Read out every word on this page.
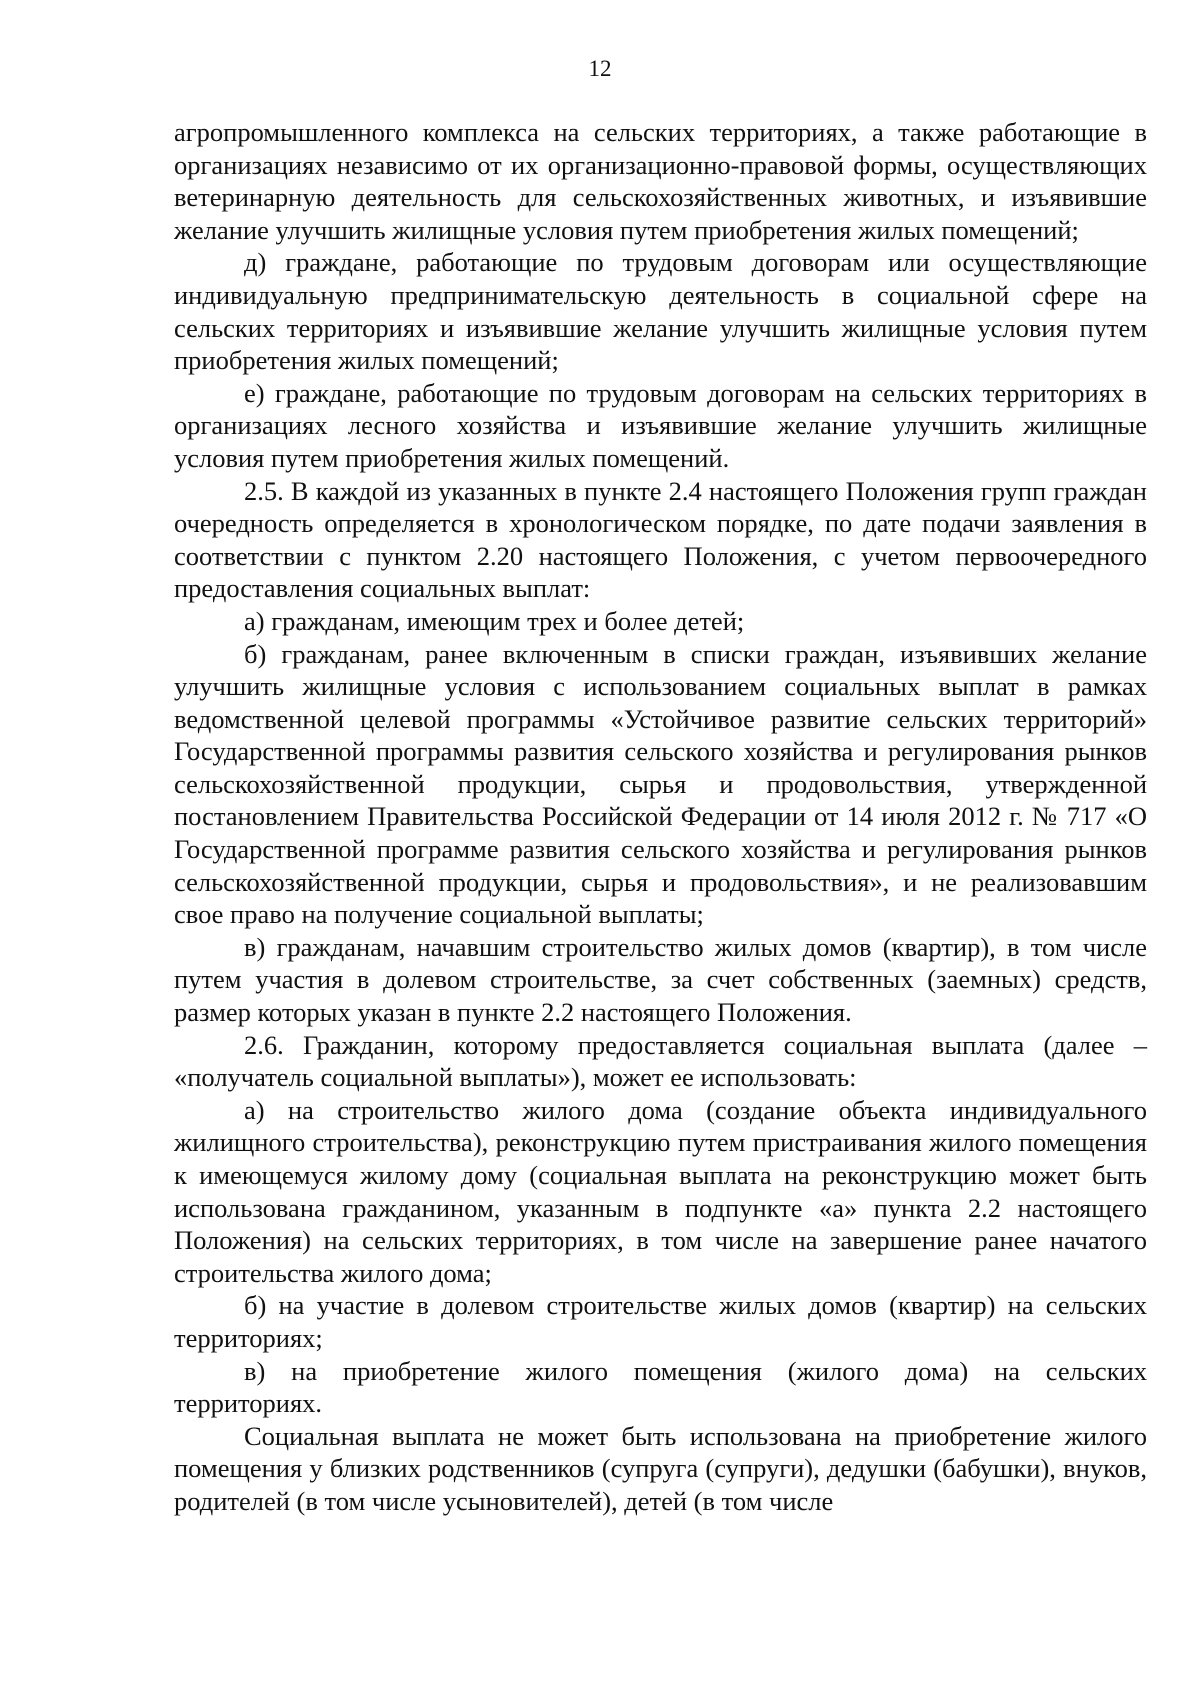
12

агропромышленного комплекса на сельских территориях, а также работающие в организациях независимо от их организационно-правовой формы, осуществляющих ветеринарную деятельность для сельскохозяйственных животных, и изъявившие желание улучшить жилищные условия путем приобретения жилых помещений;

д) граждане, работающие по трудовым договорам или осуществляющие индивидуальную предпринимательскую деятельность в социальной сфере на сельских территориях и изъявившие желание улучшить жилищные условия путем приобретения жилых помещений;

е) граждане, работающие по трудовым договорам на сельских территориях в организациях лесного хозяйства и изъявившие желание улучшить жилищные условия путем приобретения жилых помещений.

2.5. В каждой из указанных в пункте 2.4 настоящего Положения групп граждан очередность определяется в хронологическом порядке, по дате подачи заявления в соответствии с пунктом 2.20 настоящего Положения, с учетом первоочередного предоставления социальных выплат:

а) гражданам, имеющим трех и более детей;

б) гражданам, ранее включенным в списки граждан, изъявивших желание улучшить жилищные условия с использованием социальных выплат в рамках ведомственной целевой программы «Устойчивое развитие сельских территорий» Государственной программы развития сельского хозяйства и регулирования рынков сельскохозяйственной продукции, сырья и продовольствия, утвержденной постановлением Правительства Российской Федерации от 14 июля 2012 г. № 717 «О Государственной программе развития сельского хозяйства и регулирования рынков сельскохозяйственной продукции, сырья и продовольствия», и не реализовавшим свое право на получение социальной выплаты;

в) гражданам, начавшим строительство жилых домов (квартир), в том числе путем участия в долевом строительстве, за счет собственных (заемных) средств, размер которых указан в пункте 2.2 настоящего Положения.

2.6. Гражданин, которому предоставляется социальная выплата (далее – «получатель социальной выплаты»), может ее использовать:

а) на строительство жилого дома (создание объекта индивидуального жилищного строительства), реконструкцию путем пристраивания жилого помещения к имеющемуся жилому дому (социальная выплата на реконструкцию может быть использована гражданином, указанным в подпункте «а» пункта 2.2 настоящего Положения) на сельских территориях, в том числе на завершение ранее начатого строительства жилого дома;

б) на участие в долевом строительстве жилых домов (квартир) на сельских территориях;

в) на приобретение жилого помещения (жилого дома) на сельских территориях.

Социальная выплата не может быть использована на приобретение жилого помещения у близких родственников (супруга (супруги), дедушки (бабушки), внуков, родителей (в том числе усыновителей), детей (в том числе
